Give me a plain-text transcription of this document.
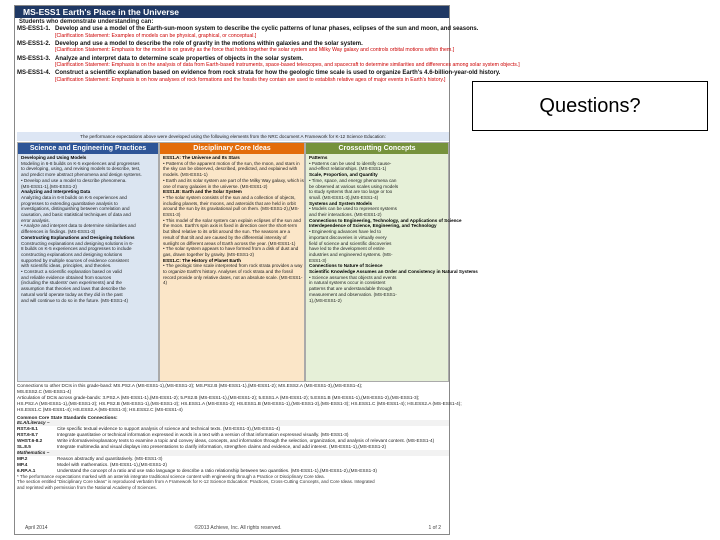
MS-ESS1 Earth's Place in the Universe
Students who demonstrate understanding can:
MS-ESS1-1. Develop and use a model of the Earth-sun-moon system to describe the cyclic patterns of lunar phases, eclipses of the sun and moon, and seasons.
[Clarification Statement: Examples of models can be physical, graphical, or conceptual.]
MS-ESS1-2. Develop and use a model to describe the role of gravity in the motions within galaxies and the solar system.
[Clarification Statement: Emphasis for the model is on gravity as the force that holds together the solar system and Milky Way galaxy and controls orbital motions within them.]
MS-ESS1-3. Analyze and interpret data to determine scale properties of objects in the solar system.
[Clarification Statement: Emphasis is on the analysis of data from Earth-based instruments, space-based telescopes, and spacecraft to determine similarities and differences among solar system objects.]
MS-ESS1-4. Construct a scientific explanation based on evidence from rock strata for how the geologic time scale is used to organize Earth's 4.6-billion-year-old history.
[Clarification Statement: Emphasis is on how analyses of rock formations and the fossils they contain are used to establish relative ages of major events in Earth's history.]
The performance expectations above were developed using the following elements from the NRC document A Framework for K-12 Science Education:
Science and Engineering Practices
Developing and Using Models
Modeling in 6-8 builds on K-5 experiences and progresses
to developing, using, and revising models to describe, test,
and predict more abstract phenomena and design systems.
• Develop and use a model to describe phenomena.
(MS-ESS1-1),(MS-ESS1-2)
Analyzing and Interpreting Data
Analyzing data in 6-8 builds on K-5 experiences and
progresses to extending quantitative analysis to
investigations, distinguishing between correlation and
causation, and basic statistical techniques of data and
error analysis.
• Analyze and interpret data to determine similarities and
differences in findings. (MS-ESS1-3)
Constructing Explanations and Designing Solutions
Constructing explanations and designing solutions in 6-
8 builds on K-5 experiences and progresses to include
constructing explanations and designing solutions
supported by multiple sources of evidence consistent
with scientific ideas, principles, and theories.
• Construct a scientific explanation based on valid
and reliable evidence obtained from sources
(including the students' own experiments) and the
assumption that theories and laws that describe the
natural world operate today as they did in the past
and will continue to do so in the future. (MS-ESS1-4)
Disciplinary Core Ideas
ESS1.A: The Universe and Its Stars
• Patterns of the apparent motion of the sun, the moon, and stars in
the sky can be observed, described, predicted, and explained with
models. (MS-ESS1-1)
• Earth and its solar system are part of the Milky Way galaxy, which is
one of many galaxies in the universe. (MS-ESS1-2)
ESS1.B: Earth and the Solar System
• The solar system consists of the sun and a collection of objects,
including planets, their moons, and asteroids that are held in orbit
around the sun by its gravitational pull on them. (MS-ESS1-2),(MS-
ESS1-3)
• This model of the solar system can explain eclipses of the sun and
the moon. Earth's spin axis is fixed in direction over the short-term
but tilted relative to its orbit around the sun. The seasons are a
result of that tilt and are caused by the differential intensity of
sunlight on different areas of Earth across the year. (MS-ESS1-1)
• The solar system appears to have formed from a disk of dust and
gas, drawn together by gravity. (MS-ESS1-2)
ESS1.C: The History of Planet Earth
• The geologic time scale interpreted from rock strata provides a way
to organize Earth's history. Analyses of rock strata and the fossil
record provide only relative dates, not an absolute scale. (MS-ESS1-
4)
Crosscutting Concepts
Patterns
• Patterns can be used to identify cause-
and-effect relationships. (MS-ESS1-1)
Scale, Proportion, and Quantity
• Time, space, and energy phenomena can
be observed at various scales using models
to study systems that are too large or too
small. (MS-ESS1-3),(MS-ESS1-4)
Systems and System Models
• Models can be used to represent systems
and their interactions. (MS-ESS1-2)
Connections to Engineering, Technology, and Applications of Science
Interdependence of Science, Engineering, and Technology
• Engineering advances have led to
important discoveries in virtually every
field of science and scientific discoveries
have led to the development of entire
industries and engineered systems. (MS-
ESS1-3)
Connections to Nature of Science
Scientific Knowledge Assumes an Order and Consistency in Natural Systems
• Science assumes that objects and events
in natural systems occur in consistent
patterns that are understandable through
measurement and observation. (MS-ESS1-
1),(MS-ESS1-2)
Connections to other DCIs in this grade-band: MS.PS2.A (MS-ESS1-1),(MS-ESS1-2); MS.PS2.B (MS-ESS1-1),(MS-ESS1-2); MS.ESS2.A (MS-ESS1-3),(MS-ESS1-4);
MS.ESS2.C (MS-ESS1-4)
Articulation of DCIs across grade-bands: 3.PS2.A (MS-ESS1-1),(MS-ESS1-2); 5.PS2.B (MS-ESS1-1),(MS-ESS1-2); 5.ESS1.A (MS-ESS1-2); 5.ESS1.B (MS-ESS1-1),(MS-ESS1-2),(MS-ESS1-3);
HS.PS2.A (MS-ESS1-1),(MS-ESS1-2); HS.PS2.B (MS-ESS1-1),(MS-ESS1-2); HS.ESS1.A (MS-ESS1-2); HS.ESS1.B (MS-ESS1-1),(MS-ESS1-2),(MS-ESS1-3); HS.ESS1.C (MS-ESS1-4); HS.ESS2.A (MS-ESS1-4);
HS.ESS1.C (MS-ESS1-4); HS.ESS2.A (MS-ESS1-3); HS.ESS2.C (MS-ESS1-4)
Common Core State Standards Connections:
ELA/Literacy –
RST.6-8.1	Cite specific textual evidence to support analysis of science and technical texts. (MS-ESS1-3),(MS-ESS1-4)
RST.6-8.7	Integrate quantitative or technical information expressed in words in a text with a version of that information expressed visually. (MS-ESS1-3)
WHST.6-8.2	Write informative/explanatory texts to examine a topic and convey ideas, concepts, and information through the selection, organization, and analysis of relevant content. (MS-ESS1-4)
SL.8.5	Integrate multimedia and visual displays into presentations to clarify information, strengthen claims and evidence, and add interest. (MS-ESS1-1),(MS-ESS1-2)
Mathematics –
MP.2	Reason abstractly and quantitatively. (MS-ESS1-3)
MP.4	Model with mathematics. (MS-ESS1-1),(MS-ESS1-2)
6.RP.A.1	Understand the concept of a ratio and use ratio language to describe a ratio relationship between two quantities. (MS-ESS1-1),(MS-ESS1-2),(MS-ESS1-3)
* The performance expectations marked with an asterisk integrate traditional science content with engineering through a Practice or Disciplinary Core Idea.
The section entitled "Disciplinary Core Ideas" is reproduced verbatim from A Framework for K-12 Science Education: Practices, Cross-Cutting Concepts, and Core Ideas. Integrated
and reprinted with permission from the National Academy of Sciences.
April 2014	©2013 Achieve, Inc. All rights reserved.	1 of 2
Questions?
